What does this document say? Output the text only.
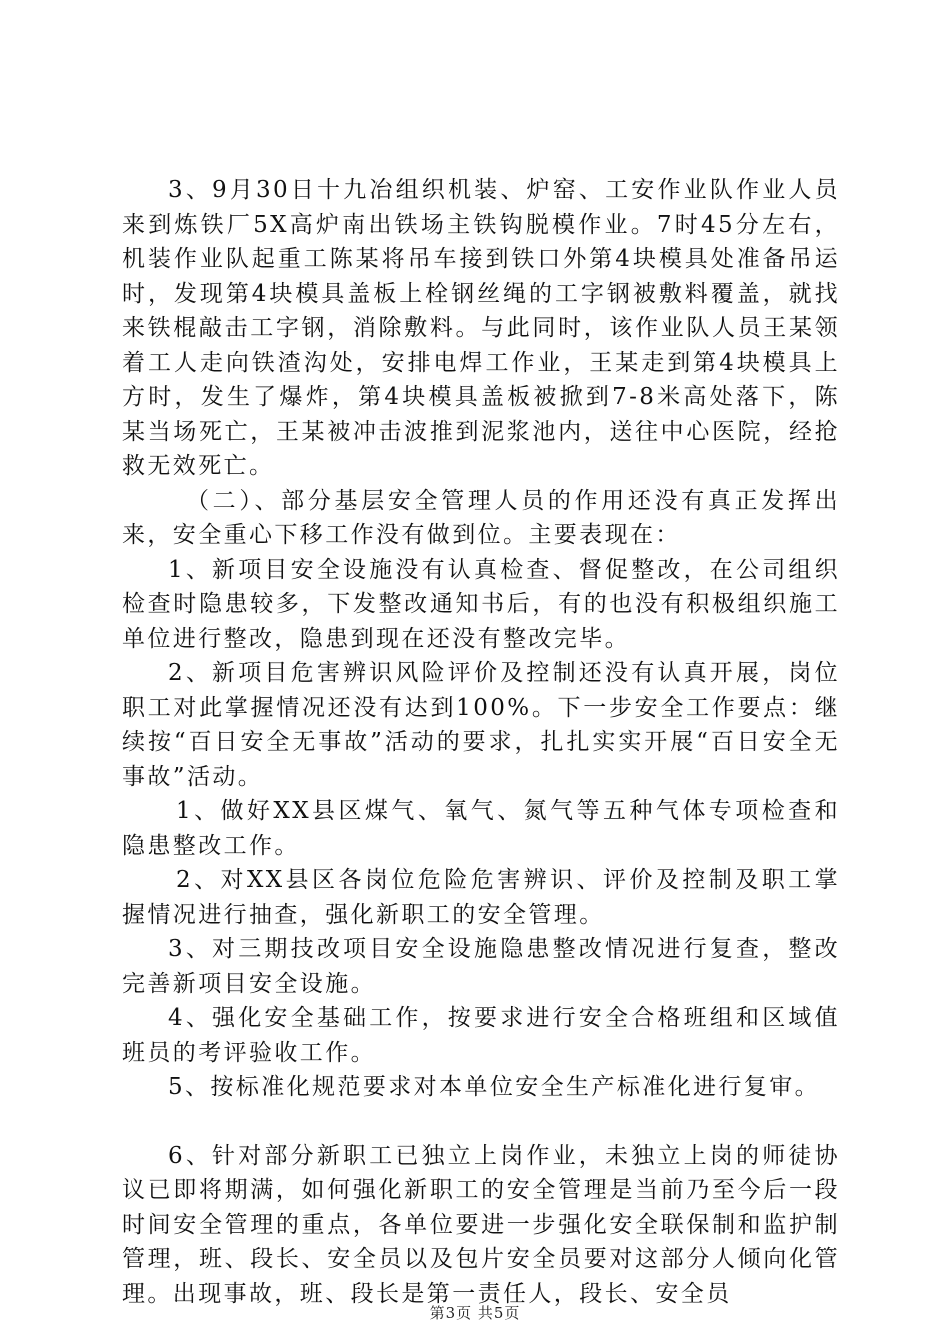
3、9月30日十九冶组织机装、炉窑、工安作业队作业人员来到炼铁厂5X高炉南出铁场主铁钩脱模作业。7时45分左右，机装作业队起重工陈某将吊车接到铁口外第4块模具处准备吊运时，发现第4块模具盖板上栓钢丝绳的工字钢被敷料覆盖，就找来铁棍敲击工字钢，消除敷料。与此同时，该作业队人员王某领着工人走向铁渣沟处，安排电焊工作业，王某走到第4块模具上方时，发生了爆炸，第4块模具盖板被掀到7-8米高处落下，陈某当场死亡，王某被冲击波推到泥浆池内，送往中心医院，经抢救无效死亡。

（二）、部分基层安全管理人员的作用还没有真正发挥出来，安全重心下移工作没有做到位。主要表现在：

1、新项目安全设施没有认真检查、督促整改，在公司组织检查时隐患较多，下发整改通知书后，有的也没有积极组织施工单位进行整改，隐患到现在还没有整改完毕。

2、新项目危害辨识风险评价及控制还没有认真开展，岗位职工对此掌握情况还没有达到100%。下一步安全工作要点：继续按“百日安全无事故”活动的要求，扎扎实实开展“百日安全无事故”活动。

1、做好XX县区煤气、氧气、氮气等五种气体专项检查和隐患整改工作。

2、对XX县区各岗位危险危害辨识、评价及控制及职工掌握情况进行抽查，强化新职工的安全管理。

3、对三期技改项目安全设施隐患整改情况进行复查，整改完善新项目安全设施。

4、强化安全基础工作，按要求进行安全合格班组和区域值班员的考评验收工作。

5、按标准化规范要求对本单位安全生产标准化进行复审。

6、针对部分新职工已独立上岗作业，未独立上岗的师徒协议已即将期满，如何强化新职工的安全管理是当前乃至今后一段时间安全管理的重点，各单位要进一步强化安全联保制和监护制管理，班、段长、安全员以及包片安全员要对这部分人倾向化管理。出现事故，班、段长是第一责任人，段长、安全员

第3页 共5页
